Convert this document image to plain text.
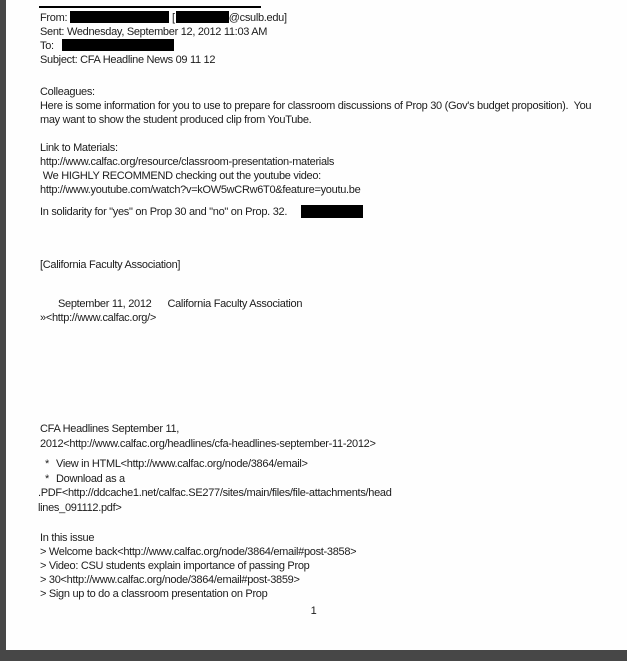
From:	[	@csulb.edu]
Sent: Wednesday, September 12, 2012 11:03 AM
To:
Subject: CFA Headline News 09 11 12
Colleagues:
Here is some information for you to use to prepare for classroom discussions of Prop 30 (Gov's budget proposition).  You
may want to show the student produced clip from YouTube.
Link to Materials:
http://www.calfac.org/resource/classroom-presentation-materials
We HIGHLY RECOMMEND checking out the youtube video:
http://www.youtube.com/watch?v=kOW5wCRw6T0&feature=youtu.be
In solidarity for "yes" on Prop 30 and "no" on Prop. 32.
[California Faculty Association]
September 11, 2012 California Faculty Association
»<http://www.calfac.org/>
CFA Headlines September 11,
2012<http://www.calfac.org/headlines/cfa-headlines-september-11-2012>
* View in HTML<http://www.calfac.org/node/3864/email>
* Download as a
.PDF<http://ddcache1.net/calfac.SE277/sites/main/files/file-attachments/head
lines_091112.pdf>
In this issue
> Welcome back<http://www.calfac.org/node/3864/email#post-3858>
> Video: CSU students explain importance of passing Prop
> 30<http://www.calfac.org/node/3864/email#post-3859>
> Sign up to do a classroom presentation on Prop
1
